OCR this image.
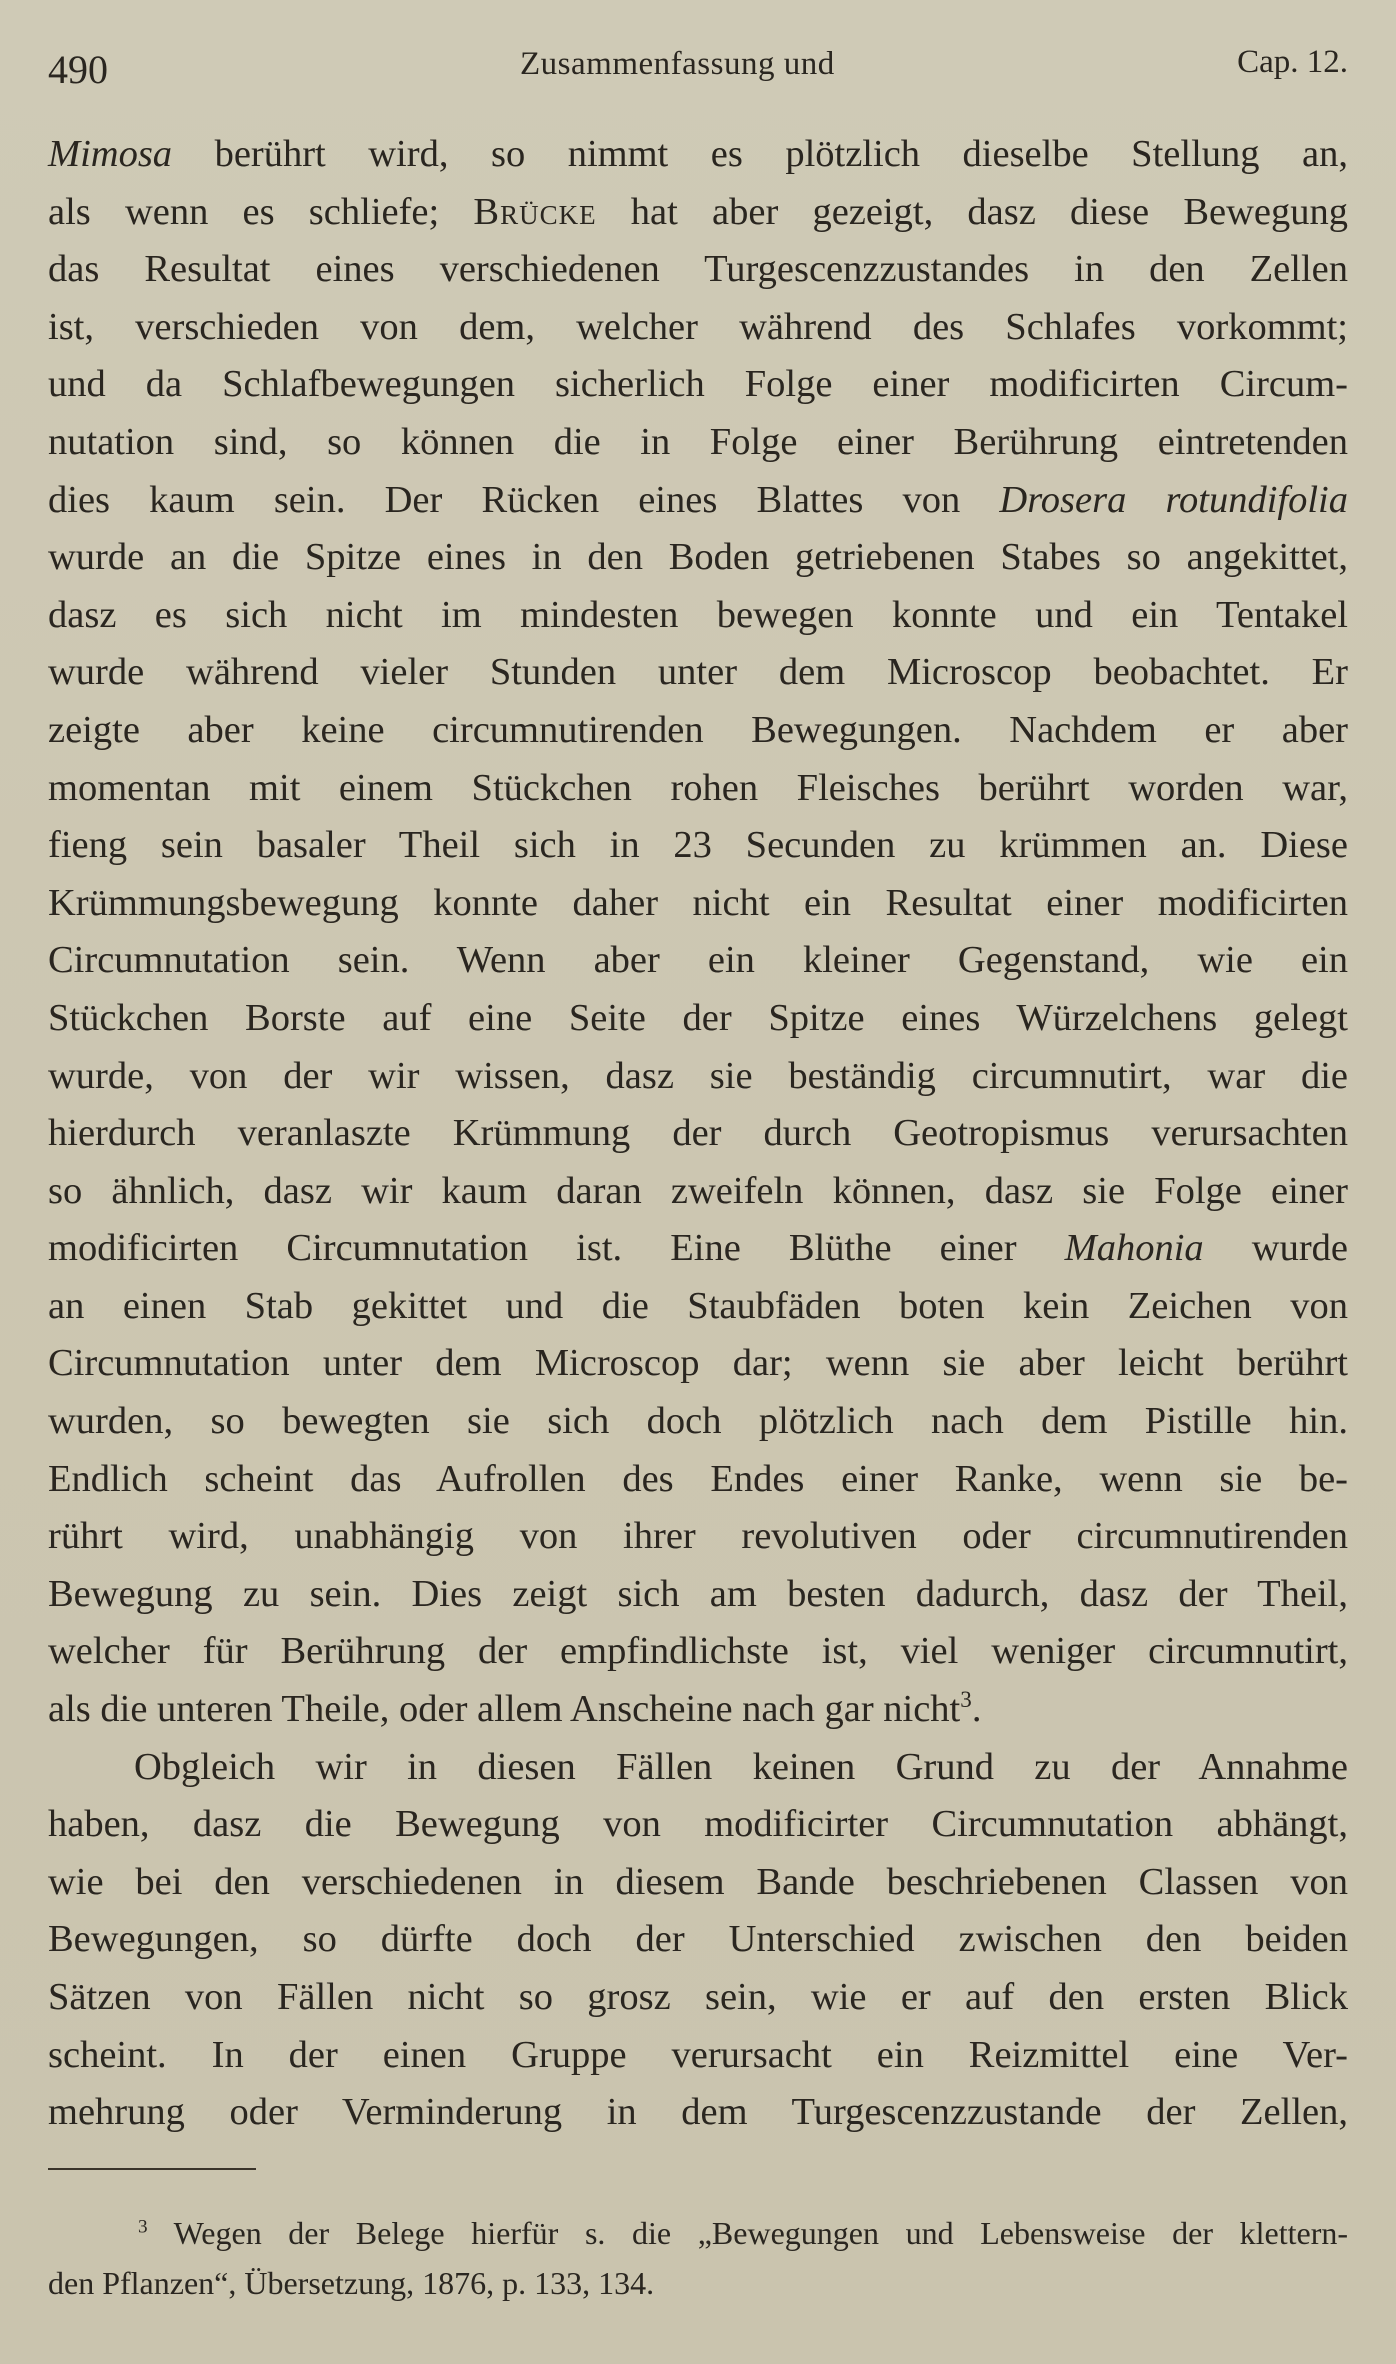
490	Zusammenfassung und	Cap. 12.
Mimosa berührt wird, so nimmt es plötzlich dieselbe Stellung an,
als wenn es schliefe; Brücke hat aber gezeigt, dasz diese Bewegung
das Resultat eines verschiedenen Turgescenzzustandes in den Zellen
ist, verschieden von dem, welcher während des Schlafes vorkommt;
und da Schlafbewegungen sicherlich Folge einer modificirten Circum-
nutation sind, so können die in Folge einer Berührung eintretenden
dies kaum sein. Der Rücken eines Blattes von Drosera rotundifolia
wurde an die Spitze eines in den Boden getriebenen Stabes so angekittet,
dasz es sich nicht im mindesten bewegen konnte und ein Tentakel
wurde während vieler Stunden unter dem Microscop beobachtet. Er
zeigte aber keine circumnutirenden Bewegungen. Nachdem er aber
momentan mit einem Stückchen rohen Fleisches berührt worden war,
fieng sein basaler Theil sich in 23 Secunden zu krümmen an. Diese
Krümmungsbewegung konnte daher nicht ein Resultat einer modificirten
Circumnutation sein. Wenn aber ein kleiner Gegenstand, wie ein
Stückchen Borste auf eine Seite der Spitze eines Würzelchens gelegt
wurde, von der wir wissen, dasz sie beständig circumnutirt, war die
hierdurch veranlaszte Krümmung der durch Geotropismus verursachten
so ähnlich, dasz wir kaum daran zweifeln können, dasz sie Folge einer
modificirten Circumnutation ist. Eine Blüthe einer Mahonia wurde
an einen Stab gekittet und die Staubfäden boten kein Zeichen von
Circumnutation unter dem Microscop dar; wenn sie aber leicht berührt
wurden, so bewegten sie sich doch plötzlich nach dem Pistille hin.
Endlich scheint das Aufrollen des Endes einer Ranke, wenn sie be-
rührt wird, unabhängig von ihrer revolutiven oder circumnutirenden
Bewegung zu sein. Dies zeigt sich am besten dadurch, dasz der Theil,
welcher für Berührung der empfindlichste ist, viel weniger circumnutirt,
als die unteren Theile, oder allem Anscheine nach gar nicht$^3$.
Obgleich wir in diesen Fällen keinen Grund zu der Annahme
haben, dasz die Bewegung von modificirter Circumnutation abhängt,
wie bei den verschiedenen in diesem Bande beschriebenen Classen von
Bewegungen, so dürfte doch der Unterschied zwischen den beiden
Sätzen von Fällen nicht so grosz sein, wie er auf den ersten Blick
scheint. In der einen Gruppe verursacht ein Reizmittel eine Ver-
mehrung oder Verminderung in dem Turgescenzzustande der Zellen,
$^3$ Wegen der Belege hierfür s. die „Bewegungen und Lebensweise der klettern-
den Pflanzen“, Übersetzung, 1876, p. 133, 134.
